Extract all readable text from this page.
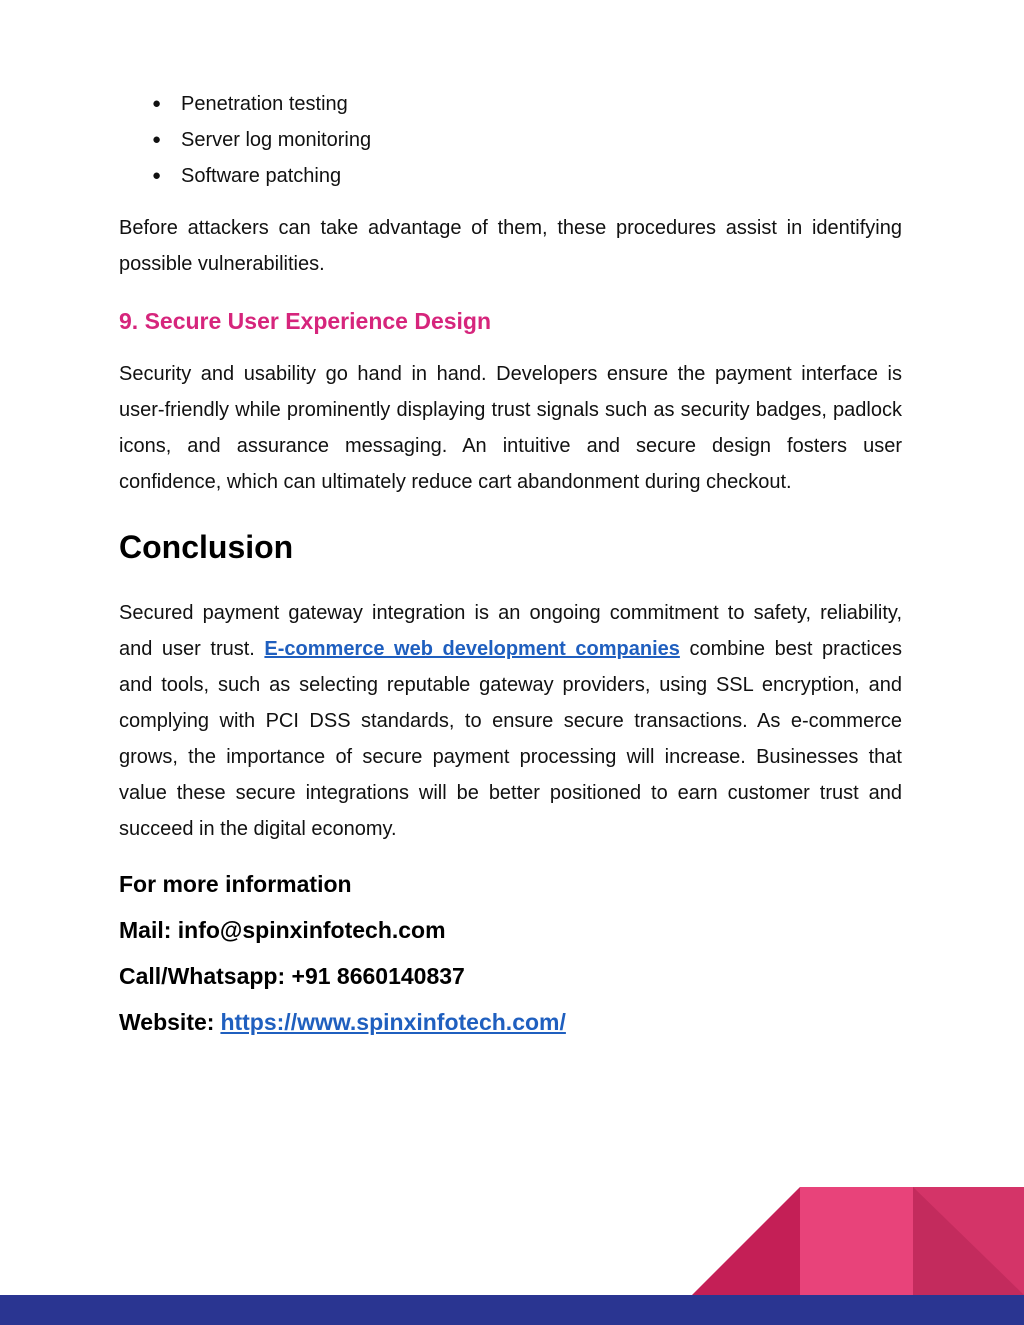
● Penetration testing
● Server log monitoring
● Software patching

Before attackers can take advantage of them, these procedures assist in identifying possible vulnerabilities.

9. Secure User Experience Design

Security and usability go hand in hand. Developers ensure the payment interface is user-friendly while prominently displaying trust signals such as security badges, padlock icons, and assurance messaging. An intuitive and secure design fosters user confidence, which can ultimately reduce cart abandonment during checkout.

Conclusion

Secured payment gateway integration is an ongoing commitment to safety, reliability, and user trust. E-commerce web development companies combine best practices and tools, such as selecting reputable gateway providers, using SSL encryption, and complying with PCI DSS standards, to ensure secure transactions. As e-commerce grows, the importance of secure payment processing will increase. Businesses that value these secure integrations will be better positioned to earn customer trust and succeed in the digital economy.

For more information
Mail: info@spinxinfotech.com
Call/Whatsapp: +91 8660140837
Website: https://www.spinxinfotech.com/
